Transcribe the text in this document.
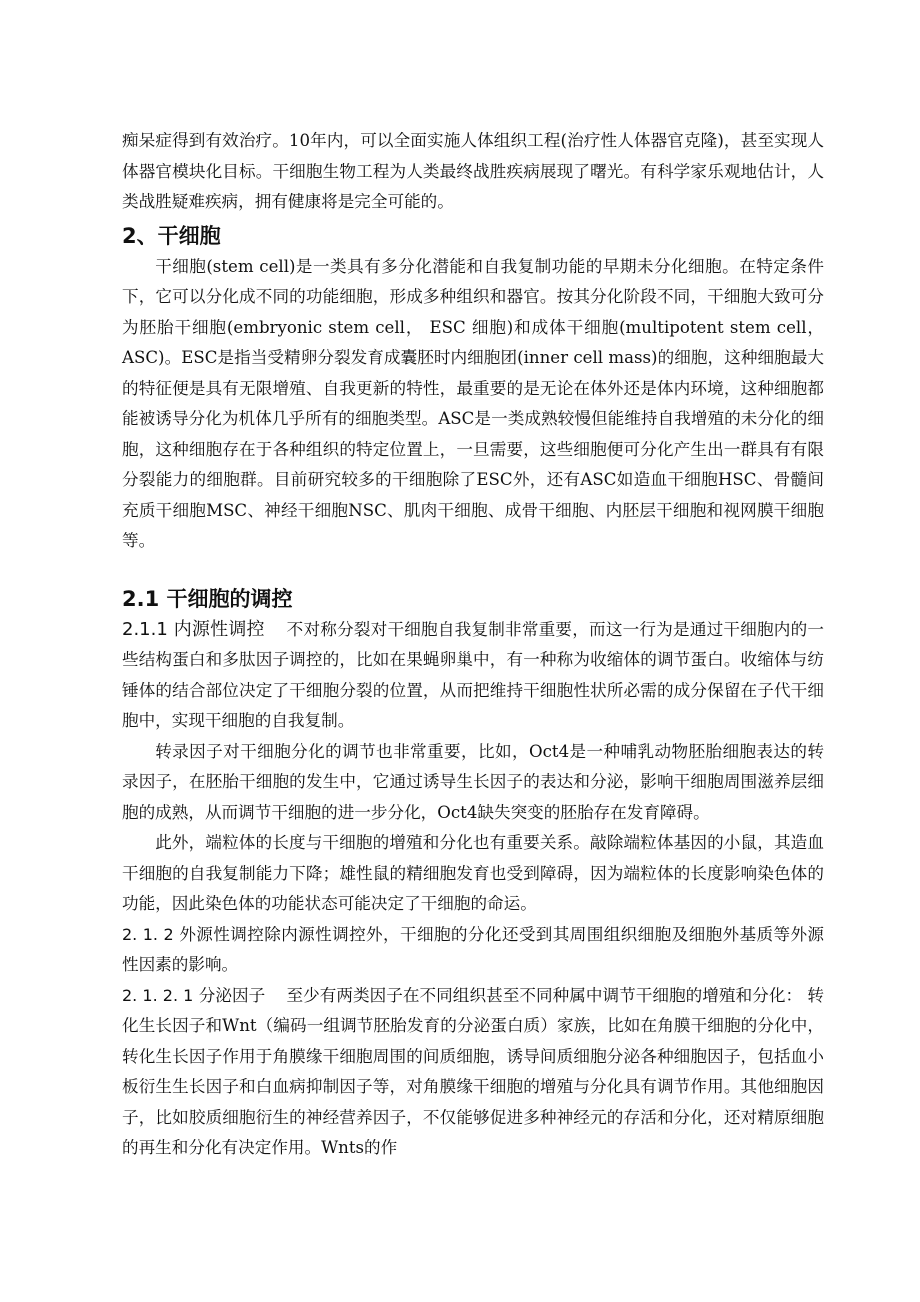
痴呆症得到有效治疗。10年内，可以全面实施人体组织工程(治疗性人体器官克隆)，甚至实现人体器官模块化目标。干细胞生物工程为人类最终战胜疾病展现了曙光。有科学家乐观地估计，人类战胜疑难疾病，拥有健康将是完全可能的。

2、干细胞

干细胞(stem cell)是一类具有多分化潜能和自我复制功能的早期未分化细胞。在特定条件下，它可以分化成不同的功能细胞，形成多种组织和器官。按其分化阶段不同，干细胞大致可分为胚胎干细胞(embryonic stem cell， ESC 细胞)和成体干细胞(multipotent stem cell， ASC)。ESC是指当受精卵分裂发育成囊胚时内细胞团(inner cell mass)的细胞，这种细胞最大的特征便是具有无限增殖、自我更新的特性，最重要的是无论在体外还是体内环境，这种细胞都能被诱导分化为机体几乎所有的细胞类型。ASC是一类成熟较慢但能维持自我增殖的未分化的细胞，这种细胞存在于各种组织的特定位置上，一旦需要，这些细胞便可分化产生出一群具有有限分裂能力的细胞群。目前研究较多的干细胞除了ESC外，还有ASC如造血干细胞HSC、骨髓间充质干细胞MSC、神经干细胞NSC、肌肉干细胞、成骨干细胞、内胚层干细胞和视网膜干细胞等。

2.1 干细胞的调控

2.1.1 内源性调控 不对称分裂对干细胞自我复制非常重要，而这一行为是通过干细胞内的一些结构蛋白和多肽因子调控的，比如在果蝇卵巢中，有一种称为收缩体的调节蛋白。收缩体与纺锤体的结合部位决定了干细胞分裂的位置，从而把维持干细胞性状所必需的成分保留在子代干细胞中，实现干细胞的自我复制。

转录因子对干细胞分化的调节也非常重要，比如，Oct4是一种哺乳动物胚胎细胞表达的转录因子，在胚胎干细胞的发生中，它通过诱导生长因子的表达和分泌，影响干细胞周围滋养层细胞的成熟，从而调节干细胞的进一步分化，Oct4缺失突变的胚胎存在发育障碍。

此外，端粒体的长度与干细胞的增殖和分化也有重要关系。敲除端粒体基因的小鼠，其造血干细胞的自我复制能力下降；雄性鼠的精细胞发育也受到障碍，因为端粒体的长度影响染色体的功能，因此染色体的功能状态可能决定了干细胞的命运。

2. 1. 2 外源性调控除内源性调控外，干细胞的分化还受到其周围组织细胞及细胞外基质等外源性因素的影响。

2. 1. 2. 1 分泌因子 至少有两类因子在不同组织甚至不同种属中调节干细胞的增殖和分化： 转化生长因子和Wnt（编码一组调节胚胎发育的分泌蛋白质）家族，比如在角膜干细胞的分化中，转化生长因子作用于角膜缘干细胞周围的间质细胞，诱导间质细胞分泌各种细胞因子，包括血小板衍生生长因子和白血病抑制因子等，对角膜缘干细胞的增殖与分化具有调节作用。其他细胞因子，比如胶质细胞衍生的神经营养因子，不仅能够促进多种神经元的存活和分化，还对精原细胞的再生和分化有决定作用。Wnts的作
